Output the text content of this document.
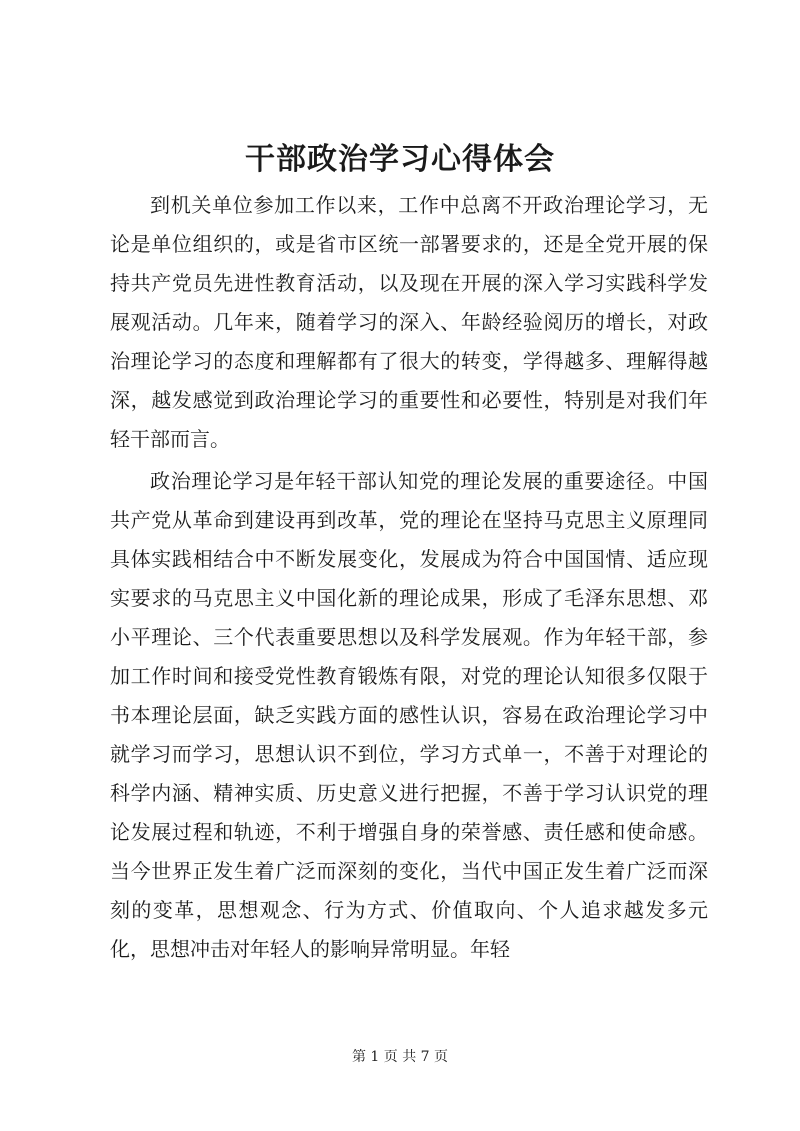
干部政治学习心得体会

到机关单位参加工作以来，工作中总离不开政治理论学习，无论是单位组织的，或是省市区统一部署要求的，还是全党开展的保持共产党员先进性教育活动，以及现在开展的深入学习实践科学发展观活动。几年来，随着学习的深入、年龄经验阅历的增长，对政治理论学习的态度和理解都有了很大的转变，学得越多、理解得越深，越发感觉到政治理论学习的重要性和必要性，特别是对我们年轻干部而言。

政治理论学习是年轻干部认知党的理论发展的重要途径。中国共产党从革命到建设再到改革，党的理论在坚持马克思主义原理同具体实践相结合中不断发展变化，发展成为符合中国国情、适应现实要求的马克思主义中国化新的理论成果，形成了毛泽东思想、邓小平理论、三个代表重要思想以及科学发展观。作为年轻干部，参加工作时间和接受党性教育锻炼有限，对党的理论认知很多仅限于书本理论层面，缺乏实践方面的感性认识，容易在政治理论学习中就学习而学习，思想认识不到位，学习方式单一，不善于对理论的科学内涵、精神实质、历史意义进行把握，不善于学习认识党的理论发展过程和轨迹，不利于增强自身的荣誉感、责任感和使命感。当今世界正发生着广泛而深刻的变化，当代中国正发生着广泛而深刻的变革，思想观念、行为方式、价值取向、个人追求越发多元化，思想冲击对年轻人的影响异常明显。年轻

第 1 页 共 7 页
